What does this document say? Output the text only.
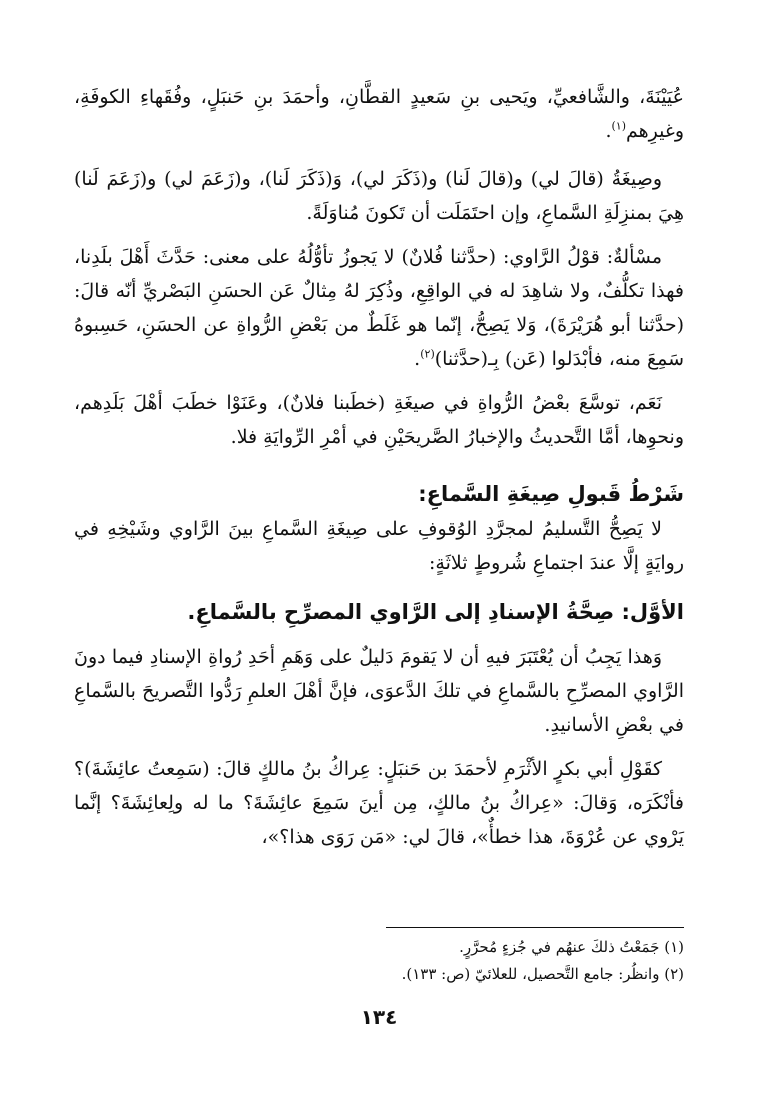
عُيَيْنَةَ، والشَّافعيِّ، ويَحيى بنِ سَعيدٍ القطَّانِ، وأحمَدَ بنِ حَنبَلٍ، وفُقَهاءِ الكوفَةِ، وغيرِهم$^{(١)}$.

وصِيغَةُ (قالَ لي) و(قالَ لَنا) و(ذَكَرَ لي)، وَ(ذَكَرَ لَنا)، و(زَعَمَ لي) و(زَعَمَ لَنا) هِيَ بمنزِلَةِ السَّماعِ، وإن احتَمَلَت أن تَكونَ مُناوَلَةً.

مسْألةٌ: قوْلُ الرَّاوي: (حدَّثنا فُلانٌ) لا يَجوزُ تأوُّلُهُ على معنى: حَدَّثَ أَهْلَ بلَدِنا، فهذا تكلُّفٌ، ولا شاهِدَ له في الواقِعِ، وذُكِرَ لهُ مِثالٌ عَن الحسَنِ البَصْريِّ أنّه قالَ: (حدَّثنا أبو هُرَيْرَةَ)، وَلا يَصِحُّ، إنّما هو غَلَطٌ من بَعْضِ الرُّواةِ عن الحسَنِ، حَسِبوهُ سَمِعَ منه، فأبْدَلوا (عَن) بِـ(حدَّثنا)$^{(٢)}$.

نَعَم، توسَّعَ بعْضُ الرُّواةِ في صيغَةِ (خطَبنا فلانٌ)، وعَنَوْا خطَبَ أهْلَ بَلَدِهم، ونحوِها، أمَّا التَّحديثُ والإخبارُ الصَّريحَيْنِ في أمْرِ الرِّوايَةِ فلا.

شَرْطُ قَبولِ صِيغَةِ السَّماعِ:

لا يَصِحُّ التَّسليمُ لمجرَّدِ الوُقوفِ على صِيغَةِ السَّماعِ بينَ الرَّاوي وشَيْخِهِ في روايَةٍ إلَّا عندَ اجتماعِ شُروطٍ ثلاثَةٍ:

الأوَّل: صِحَّةُ الإسنادِ إلى الرَّاوي المصرِّحِ بالسَّماعِ.

وَهذا يَجِبُ أن يُعْتَبَرَ فيهِ أن لا يَقومَ دَليلٌ على وَهَمِ أحَدِ رُواةِ الإسنادِ فيما دونَ الرَّاوي المصرِّحِ بالسَّماعِ في تلكَ الدَّعوَى، فإنَّ أهْلَ العلمِ رَدُّوا التَّصريحَ بالسَّماعِ في بعْضِ الأسانيدِ.

كقَوْلِ أبي بكرٍ الأثْرَمِ لأحمَدَ بن حَنبَلٍ: عِراكُ بنُ مالكٍ قالَ: (سَمِعتُ عائِشَةَ)؟ فأنْكَرَه، وَقالَ: «عِراكُ بنُ مالكٍ، مِن أينَ سَمِعَ عائِشَةَ؟ ما له ولِعائِشَةَ؟ إنَّما يَرْوي عن عُرْوَةَ، هذا خطأٌ»، قالَ لي: «مَن رَوَى هذا؟»،

(١) جَمَعْتُ ذلكَ عنهُم في جُزءٍ مُحرَّرٍ.

(٢) وانظُر: جامع التَّحصيل، للعلائيّ (ص: ١٣٣).

١٣٤
